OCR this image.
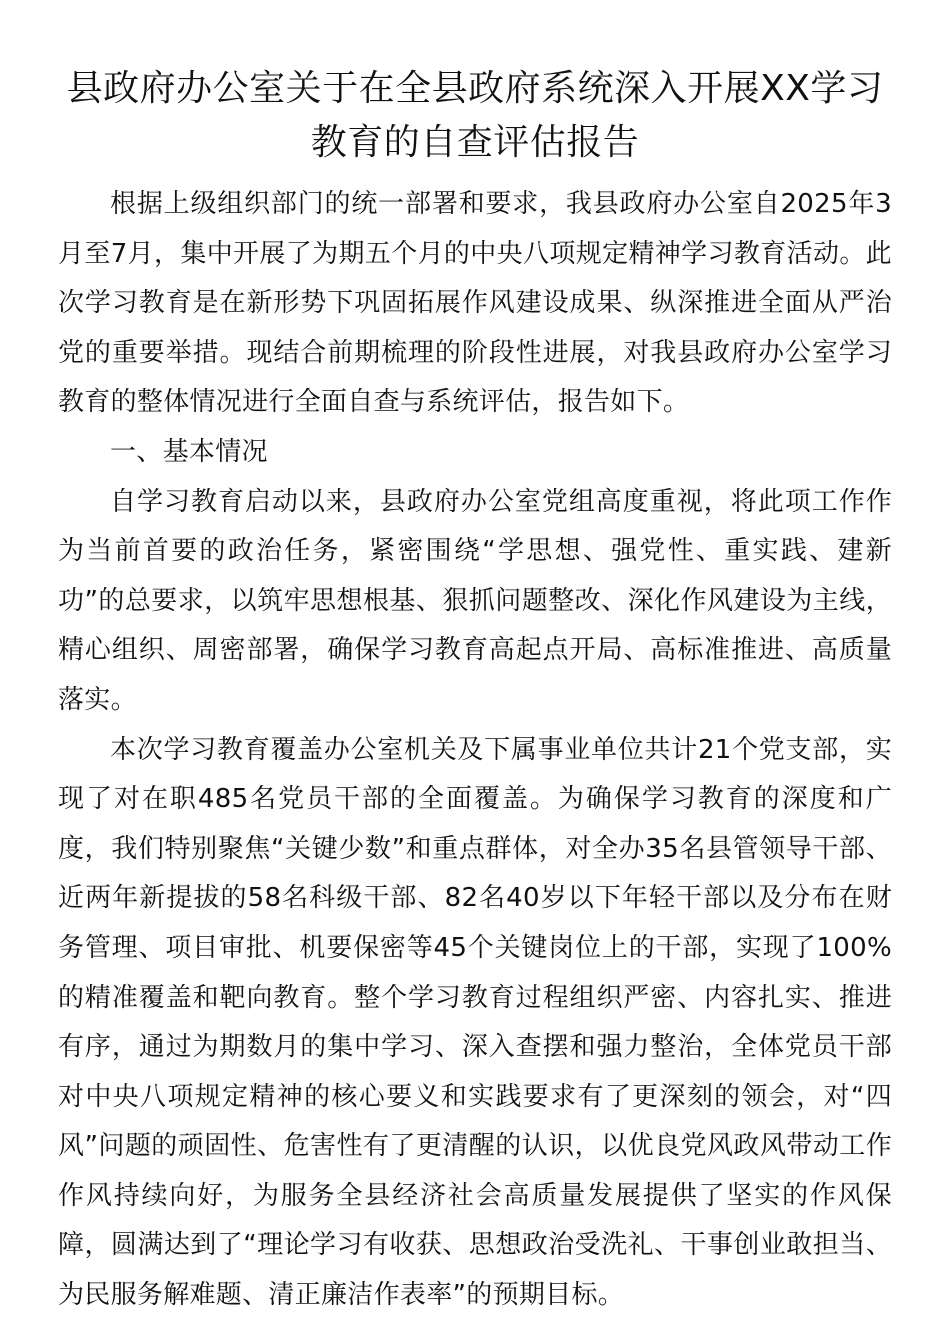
县政府办公室关于在全县政府系统深入开展XX学习教育的自查评估报告

根据上级组织部门的统一部署和要求，我县政府办公室自2025年3月至7月，集中开展了为期五个月的中央八项规定精神学习教育活动。此次学习教育是在新形势下巩固拓展作风建设成果、纵深推进全面从严治党的重要举措。现结合前期梳理的阶段性进展，对我县政府办公室学习教育的整体情况进行全面自查与系统评估，报告如下。

一、基本情况

自学习教育启动以来，县政府办公室党组高度重视，将此项工作作为当前首要的政治任务，紧密围绕“学思想、强党性、重实践、建新功”的总要求，以筑牢思想根基、狠抓问题整改、深化作风建设为主线，精心组织、周密部署，确保学习教育高起点开局、高标准推进、高质量落实。

本次学习教育覆盖办公室机关及下属事业单位共计21个党支部，实现了对在职485名党员干部的全面覆盖。为确保学习教育的深度和广度，我们特别聚焦“关键少数”和重点群体，对全办35名县管领导干部、近两年新提拔的58名科级干部、82名40岁以下年轻干部以及分布在财务管理、项目审批、机要保密等45个关键岗位上的干部，实现了100%的精准覆盖和靶向教育。整个学习教育过程组织严密、内容扎实、推进有序，通过为期数月的集中学习、深入查摆和强力整治，全体党员干部对中央八项规定精神的核心要义和实践要求有了更深刻的领会，对“四风”问题的顽固性、危害性有了更清醒的认识，以优良党风政风带动工作作风持续向好，为服务全县经济社会高质量发展提供了坚实的作风保障，圆满达到了“理论学习有收获、思想政治受洗礼、干事创业敢担当、为民服务解难题、清正廉洁作表率”的预期目标。
